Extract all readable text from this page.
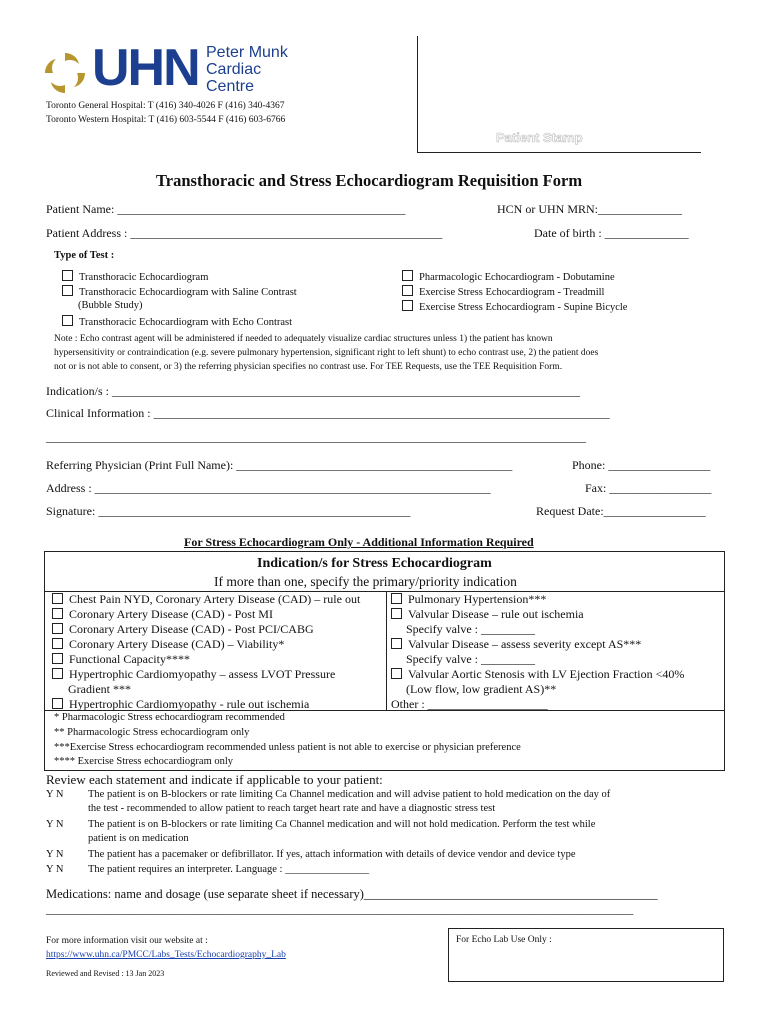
UHN Peter Munk
Cardiac
Centre
Toronto General Hospital: T (416) 340-4026 F (416) 340-4367
Toronto Western Hospital: T (416) 603-5544 F (416) 603-6766
Patient Stamp
Transthoracic and Stress Echocardiogram Requisition Form
Patient Name: ________________________________________________	HCN or UHN MRN:______________
Patient Address : ____________________________________________________	Date of birth : ______________
Type of Test :
Transthoracic Echocardiogram
Transthoracic Echocardiogram with Saline Contrast
(Bubble Study)
Transthoracic Echocardiogram with Echo Contrast
Pharmacologic Echocardiogram - Dobutamine
Exercise Stress Echocardiogram - Treadmill
Exercise Stress Echocardiogram - Supine Bicycle
Note : Echo contrast agent will be administered if needed to adequately visualize cardiac structures unless 1) the patient has known
hypersensitivity or contraindication (e.g. severe pulmonary hypertension, significant right to left shunt) to echo contrast use, 2) the patient does
not or is not able to consent, or 3) the referring physician specifies no contrast use. For TEE Requests, use the TEE Requisition Form.
Indication/s : ______________________________________________________________________________
Clinical Information : ____________________________________________________________________________
__________________________________________________________________________________________
Referring Physician (Print Full Name): ______________________________________________	Phone: _________________
Address : __________________________________________________________________	Fax: _________________
Signature: ____________________________________________________	Request Date:_________________
For Stress Echocardiogram Only - Additional Information Required
Indication/s for Stress Echocardiogram
If more than one, specify the primary/priority indication
Chest Pain NYD, Coronary Artery Disease (CAD) – rule out
Coronary Artery Disease (CAD) - Post MI
Coronary Artery Disease (CAD) - Post PCI/CABG
Coronary Artery Disease (CAD) – Viability*
Functional Capacity****
Hypertrophic Cardiomyopathy – assess LVOT Pressure
Gradient ***
Hypertrophic Cardiomyopathy - rule out ischemia
Pulmonary Hypertension***
Valvular Disease – rule out ischemia
Specify valve : _________
Valvular Disease – assess severity except AS***
Specify valve : _________
Valvular Aortic Stenosis with LV Ejection Fraction <40%
(Low flow, low gradient AS)**
Other : ____________________
* Pharmacologic Stress echocardiogram recommended
** Pharmacologic Stress echocardiogram only
***Exercise Stress echocardiogram recommended unless patient is not able to exercise or physician preference
**** Exercise Stress echocardiogram only
Review each statement and indicate if applicable to your patient:
Y N The patient is on B-blockers or rate limiting Ca Channel medication and will advise patient to hold medication on the day of
the test - recommended to allow patient to reach target heart rate and have a diagnostic stress test
Y N The patient is on B-blockers or rate limiting Ca Channel medication and will not hold medication. Perform the test while
patient is on medication
Y N The patient has a pacemaker or defibrillator. If yes, attach information with details of device vendor and device type
Y N The patient requires an interpreter. Language : ________________
Medications: name and dosage (use separate sheet if necessary)_______________________________________________
_________________________________________________________________________________________________________
For more information visit our website at :
https://www.uhn.ca/PMCC/Labs_Tests/Echocardiography_Lab
Reviewed and Revised : 13 Jan 2023
For Echo Lab Use Only :
